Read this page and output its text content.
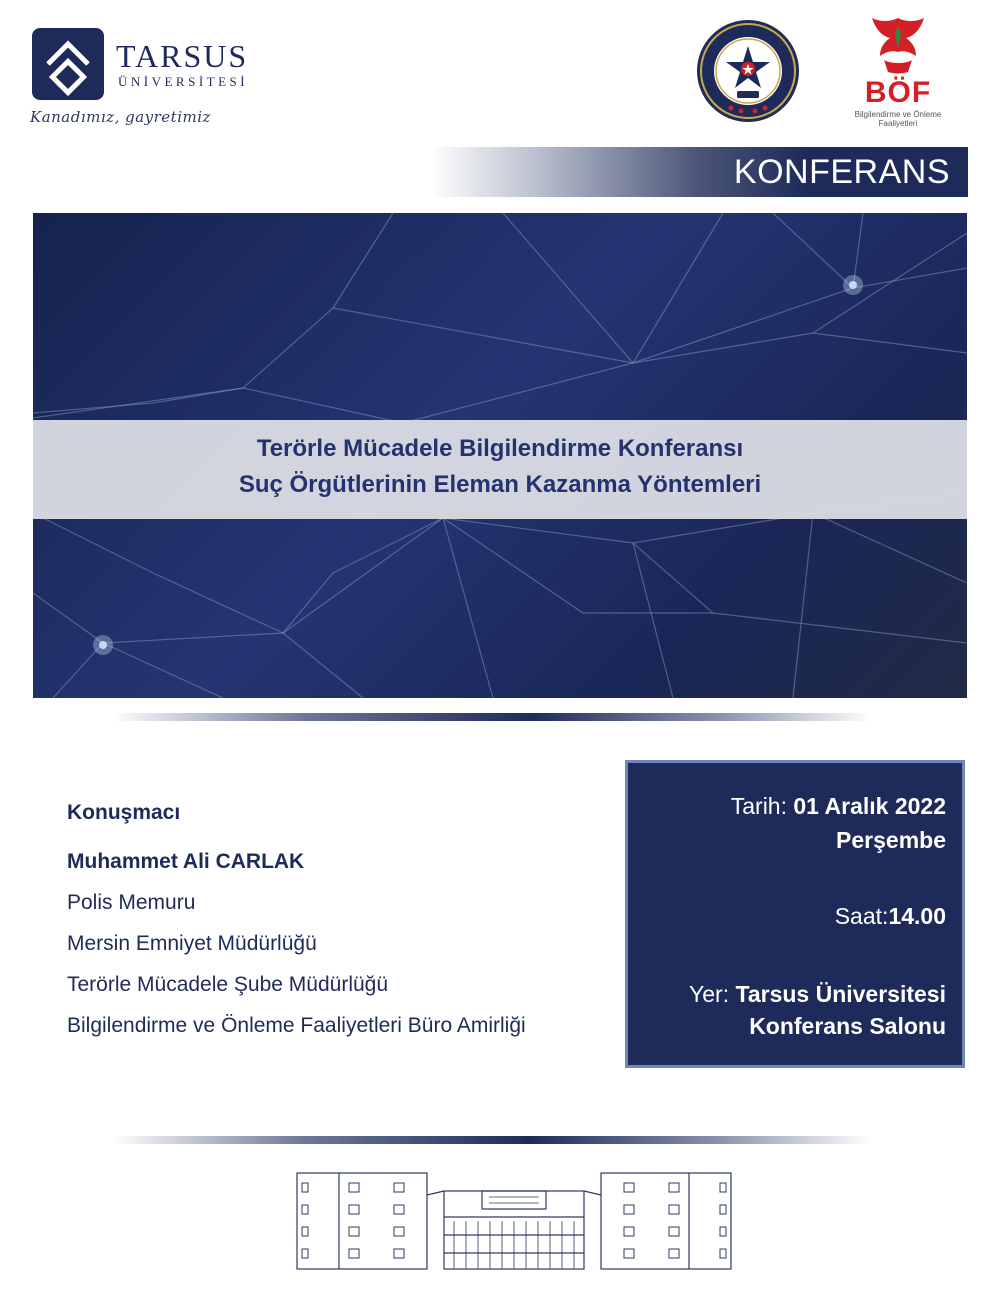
TARSUS
ÜNİVERSİTESİ
Kanadımız, gayretimiz
BÖF
Bilgilendirme ve Önleme Faaliyetleri
KONFERANS
Terörle Mücadele Bilgilendirme Konferansı
Suç Örgütlerinin Eleman Kazanma Yöntemleri
Konuşmacı
Muhammet Ali CARLAK
Polis Memuru
Mersin Emniyet Müdürlüğü
Terörle Mücadele Şube Müdürlüğü
Bilgilendirme ve Önleme Faaliyetleri Büro Amirliği
Tarih: 01 Aralık 2022
Perşembe
Saat:14.00
Yer: Tarsus Üniversitesi
Konferans Salonu
